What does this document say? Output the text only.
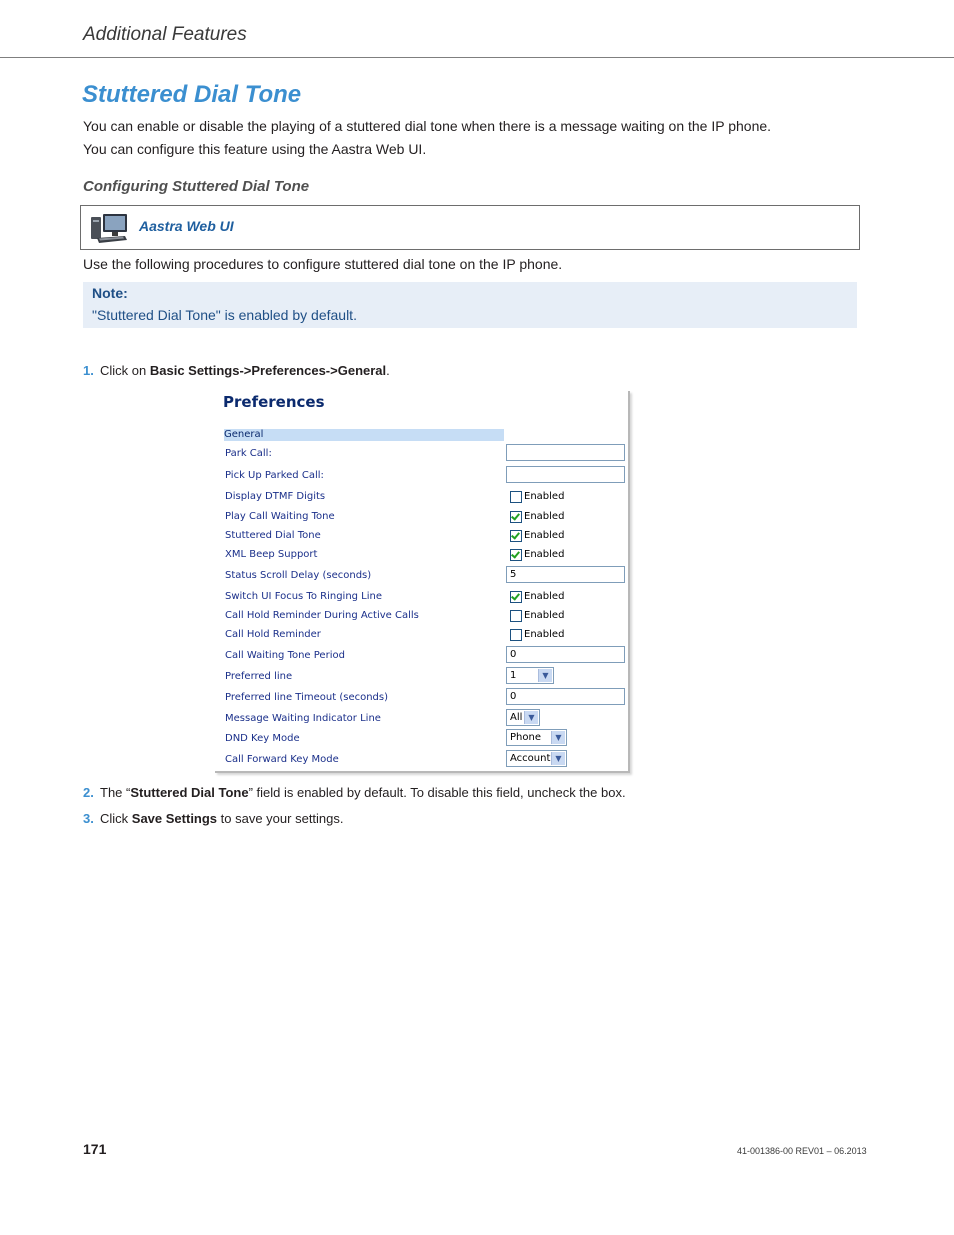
Additional Features
Stuttered Dial Tone
You can enable or disable the playing of a stuttered dial tone when there is a message waiting on the IP phone.
You can configure this feature using the Aastra Web UI.
Configuring Stuttered Dial Tone
Aastra Web UI
Use the following procedures to configure stuttered dial tone on the IP phone.
Note:
"Stuttered Dial Tone" is enabled by default.
1. Click on Basic Settings->Preferences->General.
Preferences
General
Park Call:
Pick Up Parked Call:
Display DTMF Digits	Enabled
Play Call Waiting Tone	Enabled
Stuttered Dial Tone	Enabled
XML Beep Support	Enabled
Status Scroll Delay (seconds)	5
Switch UI Focus To Ringing Line	Enabled
Call Hold Reminder During Active Calls	Enabled
Call Hold Reminder	Enabled
Call Waiting Tone Period	0
Preferred line	1	▼
Preferred line Timeout (seconds)	0
Message Waiting Indicator Line	All ▼
DND Key Mode	Phone	▼
Call Forward Key Mode	Account ▼
2. The “Stuttered Dial Tone” field is enabled by default. To disable this field, uncheck the box.
3. Click Save Settings to save your settings.
171	41-001386-00 REV01 – 06.2013
